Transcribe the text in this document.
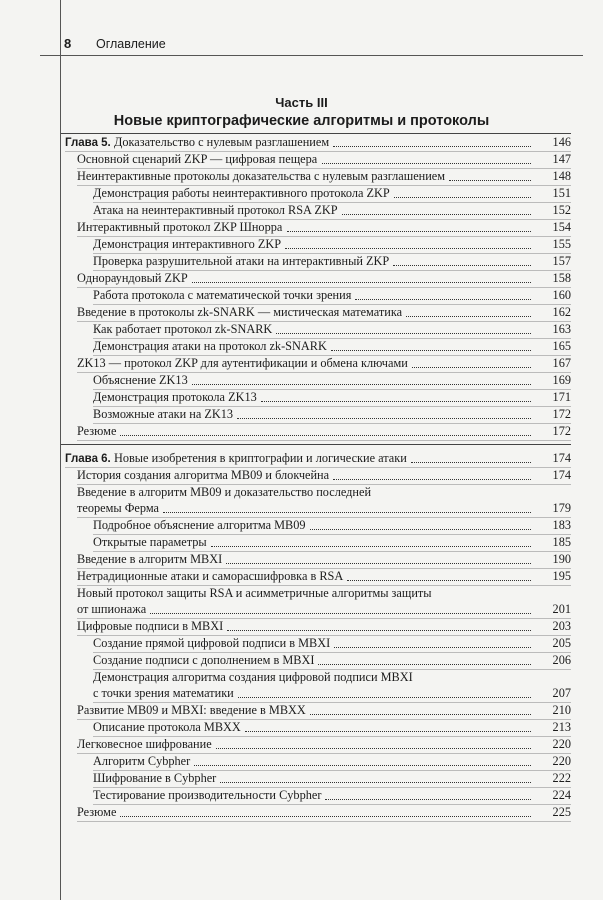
8 Оглавление
Часть III
Новые криптографические алгоритмы и протоколы
Глава 5. Доказательство с нулевым разглашением	146
Основной сценарий ZKP — цифровая пещера	147
Неинтерактивные протоколы доказательства с нулевым разглашением	148
Демонстрация работы неинтерактивного протокола ZKP	151
Атака на неинтерактивный протокол RSA ZKP	152
Интерактивный протокол ZKP Шнорра	154
Демонстрация интерактивного ZKP	155
Проверка разрушительной атаки на интерактивный ZKP	157
Однораундовый ZKP	158
Работа протокола с математической точки зрения	160
Введение в протоколы zk-SNARK — мистическая математика	162
Как работает протокол zk-SNARK	163
Демонстрация атаки на протокол zk-SNARK	165
ZK13 — протокол ZKP для аутентификации и обмена ключами	167
Объяснение ZK13	169
Демонстрация протокола ZK13	171
Возможные атаки на ZK13	172
Резюме	172
Глава 6. Новые изобретения в криптографии и логические атаки	174
История создания алгоритма MB09 и блокчейна	174
Введение в алгоритм MB09 и доказательство последней
теоремы Ферма	179
Подробное объяснение алгоритма MB09	183
Открытые параметры	185
Введение в алгоритм MBXI	190
Нетрадиционные атаки и саморасшифровка в RSA	195
Новый протокол защиты RSA и асимметричные алгоритмы защиты
от шпионажа	201
Цифровые подписи в MBXI	203
Создание прямой цифровой подписи в MBXI	205
Создание подписи с дополнением в MBXI	206
Демонстрация алгоритма создания цифровой подписи MBXI
с точки зрения математики	207
Развитие MB09 и MBXI: введение в MBXX	210
Описание протокола MBXX	213
Легковесное шифрование	220
Алгоритм Cybpher	220
Шифрование в Cybpher	222
Тестирование производительности Cybpher	224
Резюме	225
